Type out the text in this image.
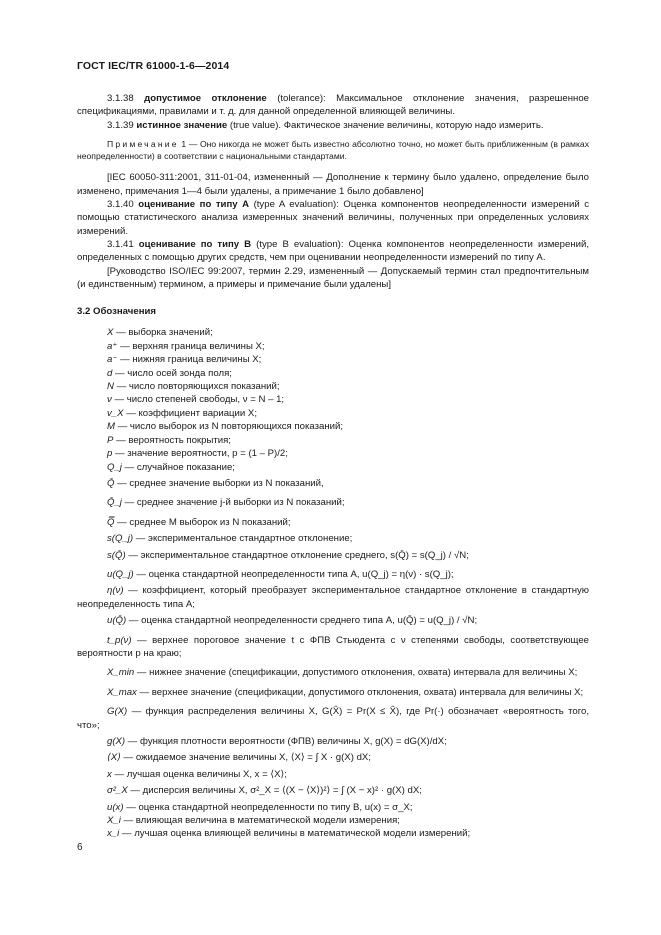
ГОСТ IEC/TR 61000-1-6—2014

3.1.38 допустимое отклонение (tolerance): Максимальное отклонение значения, разрешенное спецификациями, правилами и т. д. для данной определенной влияющей величины.

3.1.39 истинное значение (true value). Фактическое значение величины, которую надо измерить.

Примечание 1 — Оно никогда не может быть известно абсолютно точно, но может быть приближенным (в рамках неопределенности) в соответствии с национальными стандартами.

[IEC 60050-311:2001, 311-01-04, измененный — Дополнение к термину было удалено, определение было изменено, примечания 1—4 были удалены, а примечание 1 было добавлено]

3.1.40 оценивание по типу А (type A evaluation): Оценка компонентов неопределенности измерений с помощью статистического анализа измеренных значений величины, полученных при определенных условиях измерений.

3.1.41 оценивание по типу В (type B evaluation): Оценка компонентов неопределенности измерений, определенных с помощью других средств, чем при оценивании неопределенности измерений по типу А.

[Руководство ISO/IEC 99:2007, термин 2.29, измененный — Допускаемый термин стал предпочтительным (и единственным) термином, а примеры и примечание были удалены]

3.2 Обозначения

X — выборка значений;

a⁺ — верхняя граница величины X;

a⁻ — нижняя граница величины X;

d — число осей зонда поля;

N — число повторяющихся показаний;

ν — число степеней свободы, ν = N – 1;

v_X — коэффициент вариации X;

M — число выборок из N повторяющихся показаний;

P — вероятность покрытия;

p — значение вероятности, p = (1 – P)/2;

Q_j — случайное показание;

Q̄ — среднее значение выборки из N показаний,

Q̄_j — среднее значение j-й выборки из N показаний;

Q̿ — среднее M выборок из N показаний;

s(Q_j) — экспериментальное стандартное отклонение;

s(Q̄) — экспериментальное стандартное отклонение среднего, s(Q̄) = s(Q_j) / √N;

u(Q_j) — оценка стандартной неопределенности типа А, u(Q_j) = η(ν) · s(Q_j);

η(ν) — коэффициент, который преобразует экспериментальное стандартное отклонение в стандартную неопределенность типа А;

u(Q̄) — оценка стандартной неопределенности среднего типа А, u(Q̄) = u(Q_j) / √N;

t_p(ν) — верхнее пороговое значение t с ФПВ Стьюдента с ν степенями свободы, соответствующее вероятности p на краю;

X_min — нижнее значение (спецификации, допустимого отклонения, охвата) интервала для величины X;

X_max — верхнее значение (спецификации, допустимого отклонения, охвата) интервала для величины X;

G(X) — функция распределения величины X, G(X̂) = Pr(X ≤ X̂), где Pr(·) обозначает «вероятность того, что»;

g(X) — функция плотности вероятности (ФПВ) величины X, g(X) = dG(X)/dX;

⟨X⟩ — ожидаемое значение величины X, ⟨X⟩ = ∫ X · g(X) dX;

x — лучшая оценка величины X, x = ⟨X⟩;

σ²_X — дисперсия величины X, σ²_X = ⟨(X − ⟨X⟩)²⟩ = ∫ (X − x)² · g(X) dX;

u(x) — оценка стандартной неопределенности по типу В, u(x) = σ_X;

X_i — влияющая величина в математической модели измерения;

x_i — лучшая оценка влияющей величины в математической модели измерений;

6
